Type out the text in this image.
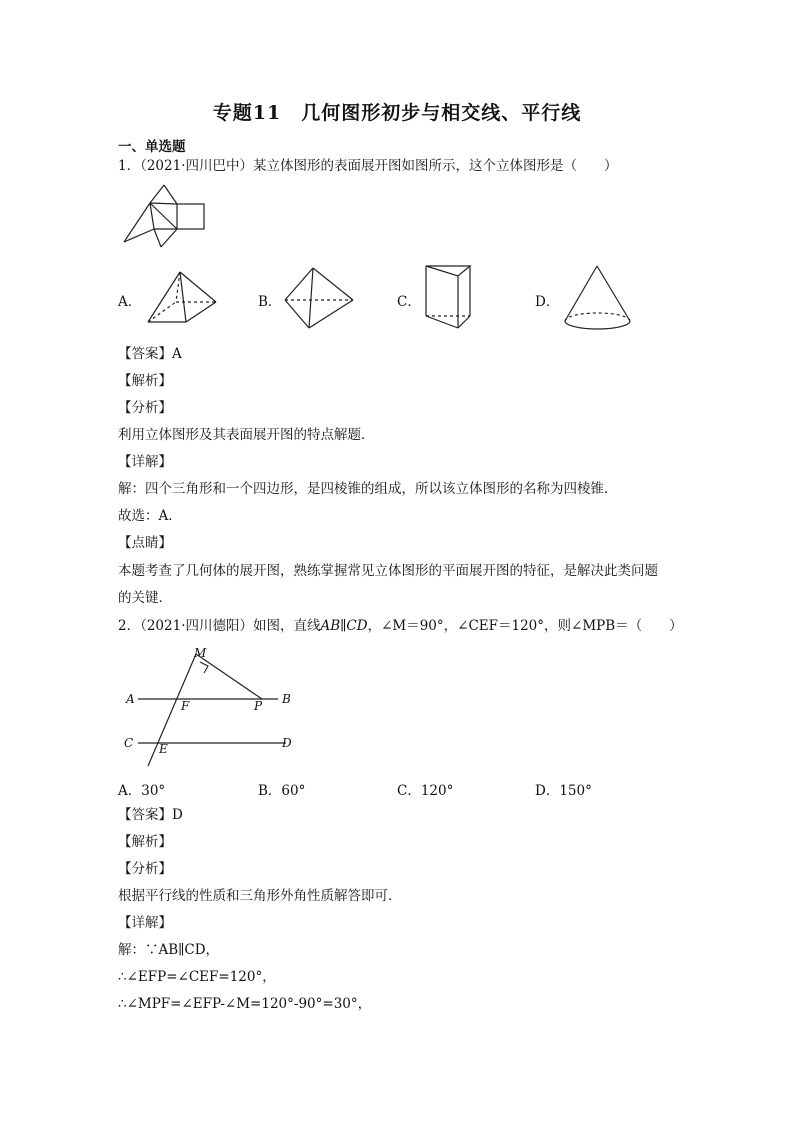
专题11　几何图形初步与相交线、平行线
一、单选题
1．（2021·四川巴中）某立体图形的表面展开图如图所示，这个立体图形是（　　）
A．	B．	C．	D．
【答案】A
【解析】
【分析】
利用立体图形及其表面展开图的特点解题．
【详解】
解：四个三角形和一个四边形，是四棱锥的组成，所以该立体图形的名称为四棱锥．
故选：A．
【点睛】
本题考查了几何体的展开图，熟练掌握常见立体图形的平面展开图的特征，是解决此类问题
的关键．
2．（2021·四川德阳）如图，直线AB∥CD，∠M＝90°，∠CEF＝120°，则∠MPB＝（　　）
M
A	B
F	P
C	D
E
A．30°	B．60°	C．120°	D．150°
【答案】D
【解析】
【分析】
根据平行线的性质和三角形外角性质解答即可．
【详解】
解：∵AB∥CD，
∴∠EFP=∠CEF=120°，
∴∠MPF=∠EFP-∠M=120°-90°=30°，
